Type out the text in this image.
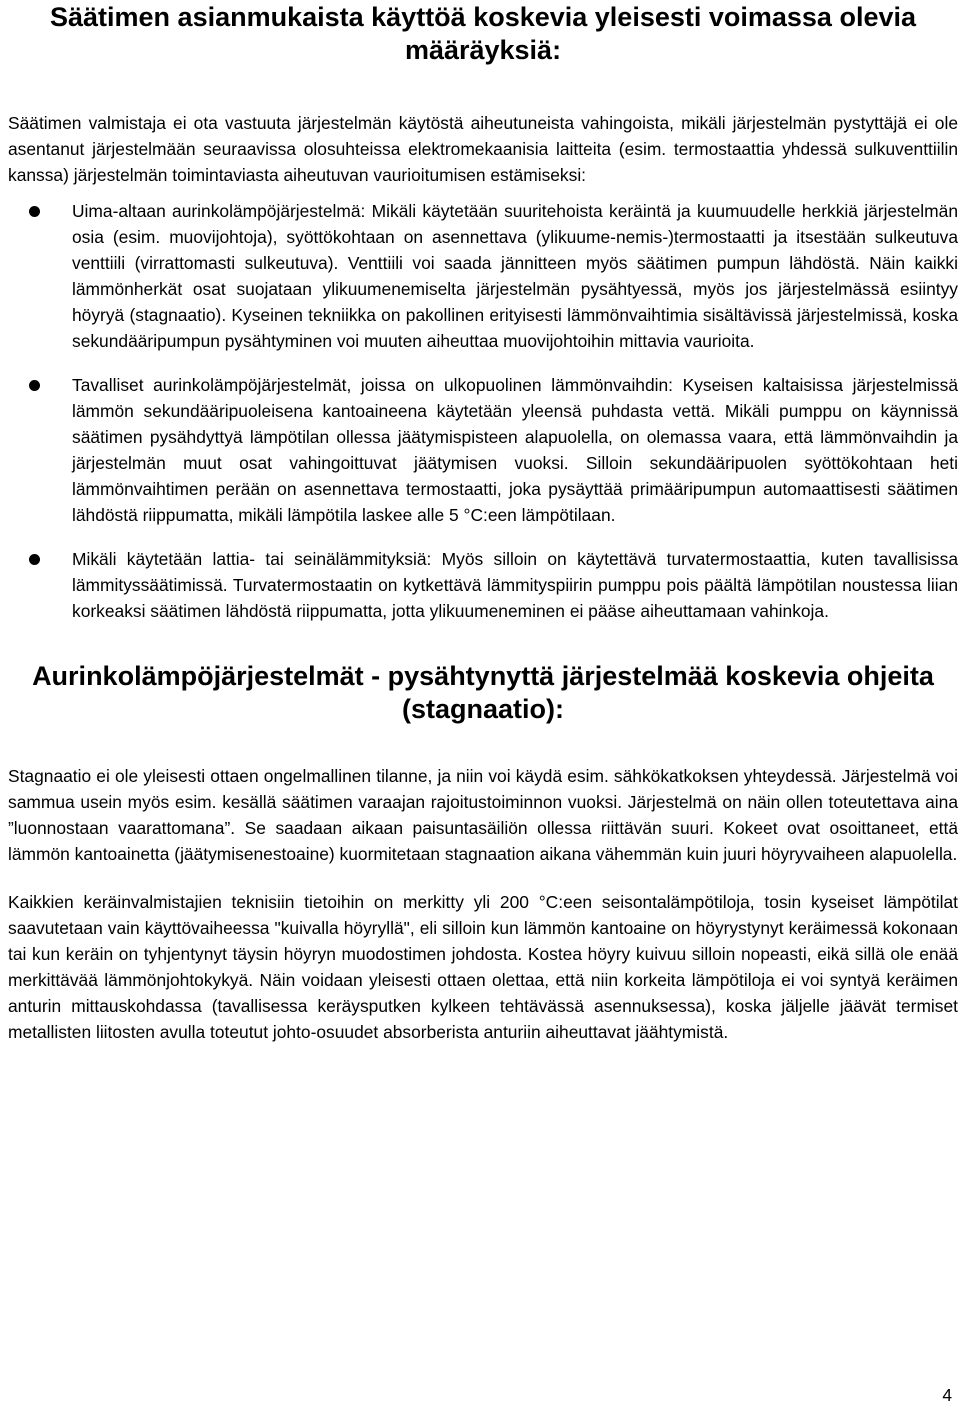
Säätimen asianmukaista käyttöä koskevia yleisesti voimassa olevia määräyksiä:

Säätimen valmistaja ei ota vastuuta järjestelmän käytöstä aiheutuneista vahingoista, mikäli järjestelmän pystyttäjä ei ole asentanut järjestelmään seuraavissa olosuhteissa elektromekaanisia laitteita (esim. termostaattia yhdessä sulkuventtiilin kanssa) järjestelmän toimintaviasta aiheutuvan vaurioitumisen estämiseksi:

Uima-altaan aurinkolämpöjärjestelmä: Mikäli käytetään suuritehoista keräintä ja kuumuudelle herkkiä järjestelmän osia (esim. muovijohtoja), syöttökohtaan on asennettava (ylikuume-nemis-)termostaatti ja itsestään sulkeutuva venttiili (virrattomasti sulkeutuva). Venttiili voi saada jännitteen myös säätimen pumpun lähdöstä. Näin kaikki lämmönherkät osat suojataan ylikuumenemiselta järjestelmän pysähtyessä, myös jos järjestelmässä esiintyy höyryä (stagnaatio). Kyseinen tekniikka on pakollinen erityisesti lämmönvaihtimia sisältävissä järjestelmissä, koska sekundääripumpun pysähtyminen voi muuten aiheuttaa muovijohtoihin mittavia vaurioita.
Tavalliset aurinkolämpöjärjestelmät, joissa on ulkopuolinen lämmönvaihdin: Kyseisen kaltaisissa järjestelmissä lämmön sekundääripuoleisena kantoaineena käytetään yleensä puhdasta vettä. Mikäli pumppu on käynnissä säätimen pysähdyttyä lämpötilan ollessa jäätymispisteen alapuolella, on olemassa vaara, että lämmönvaihdin ja järjestelmän muut osat vahingoittuvat jäätymisen vuoksi. Silloin sekundääripuolen syöttökohtaan heti lämmönvaihtimen perään on asennettava termostaatti, joka pysäyttää primääripumpun automaattisesti säätimen lähdöstä riippumatta, mikäli lämpötila laskee alle 5 °C:een lämpötilaan.
Mikäli käytetään lattia- tai seinälämmityksiä: Myös silloin on käytettävä turvatermostaattia, kuten tavallisissa lämmityssäätimissä. Turvatermostaatin on kytkettävä lämmityspiirin pumppu pois päältä lämpötilan noustessa liian korkeaksi säätimen lähdöstä riippumatta, jotta ylikuumeneminen ei pääse aiheuttamaan vahinkoja.
Aurinkolämpöjärjestelmät - pysähtynyttä järjestelmää koskevia ohjeita (stagnaatio):

Stagnaatio ei ole yleisesti ottaen ongelmallinen tilanne, ja niin voi käydä esim. sähkökatkoksen yhteydessä. Järjestelmä voi sammua usein myös esim. kesällä säätimen varaajan rajoitustoiminnon vuoksi. Järjestelmä on näin ollen toteutettava aina ”luonnostaan vaarattomana”. Se saadaan aikaan paisuntasäiliön ollessa riittävän suuri. Kokeet ovat osoittaneet, että lämmön kantoainetta (jäätymisenestoaine) kuormitetaan stagnaation aikana vähemmän kuin juuri höyryvaiheen alapuolella.

Kaikkien keräinvalmistajien teknisiin tietoihin on merkitty yli 200 °C:een seisontalämpötiloja, tosin kyseiset lämpötilat saavutetaan vain käyttövaiheessa "kuivalla höyryllä", eli silloin kun lämmön kantoaine on höyrystynyt keräimessä kokonaan tai kun keräin on tyhjentynyt täysin höyryn muodostimen johdosta. Kostea höyry kuivuu silloin nopeasti, eikä sillä ole enää merkittävää lämmönjohtokykyä. Näin voidaan yleisesti ottaen olettaa, että niin korkeita lämpötiloja ei voi syntyä keräimen anturin mittauskohdassa (tavallisessa keräysputken kylkeen tehtävässä asennuksessa), koska jäljelle jäävät termiset metallisten liitosten avulla toteutut johto-osuudet absorberista anturiin aiheuttavat jäähtymistä.

4
